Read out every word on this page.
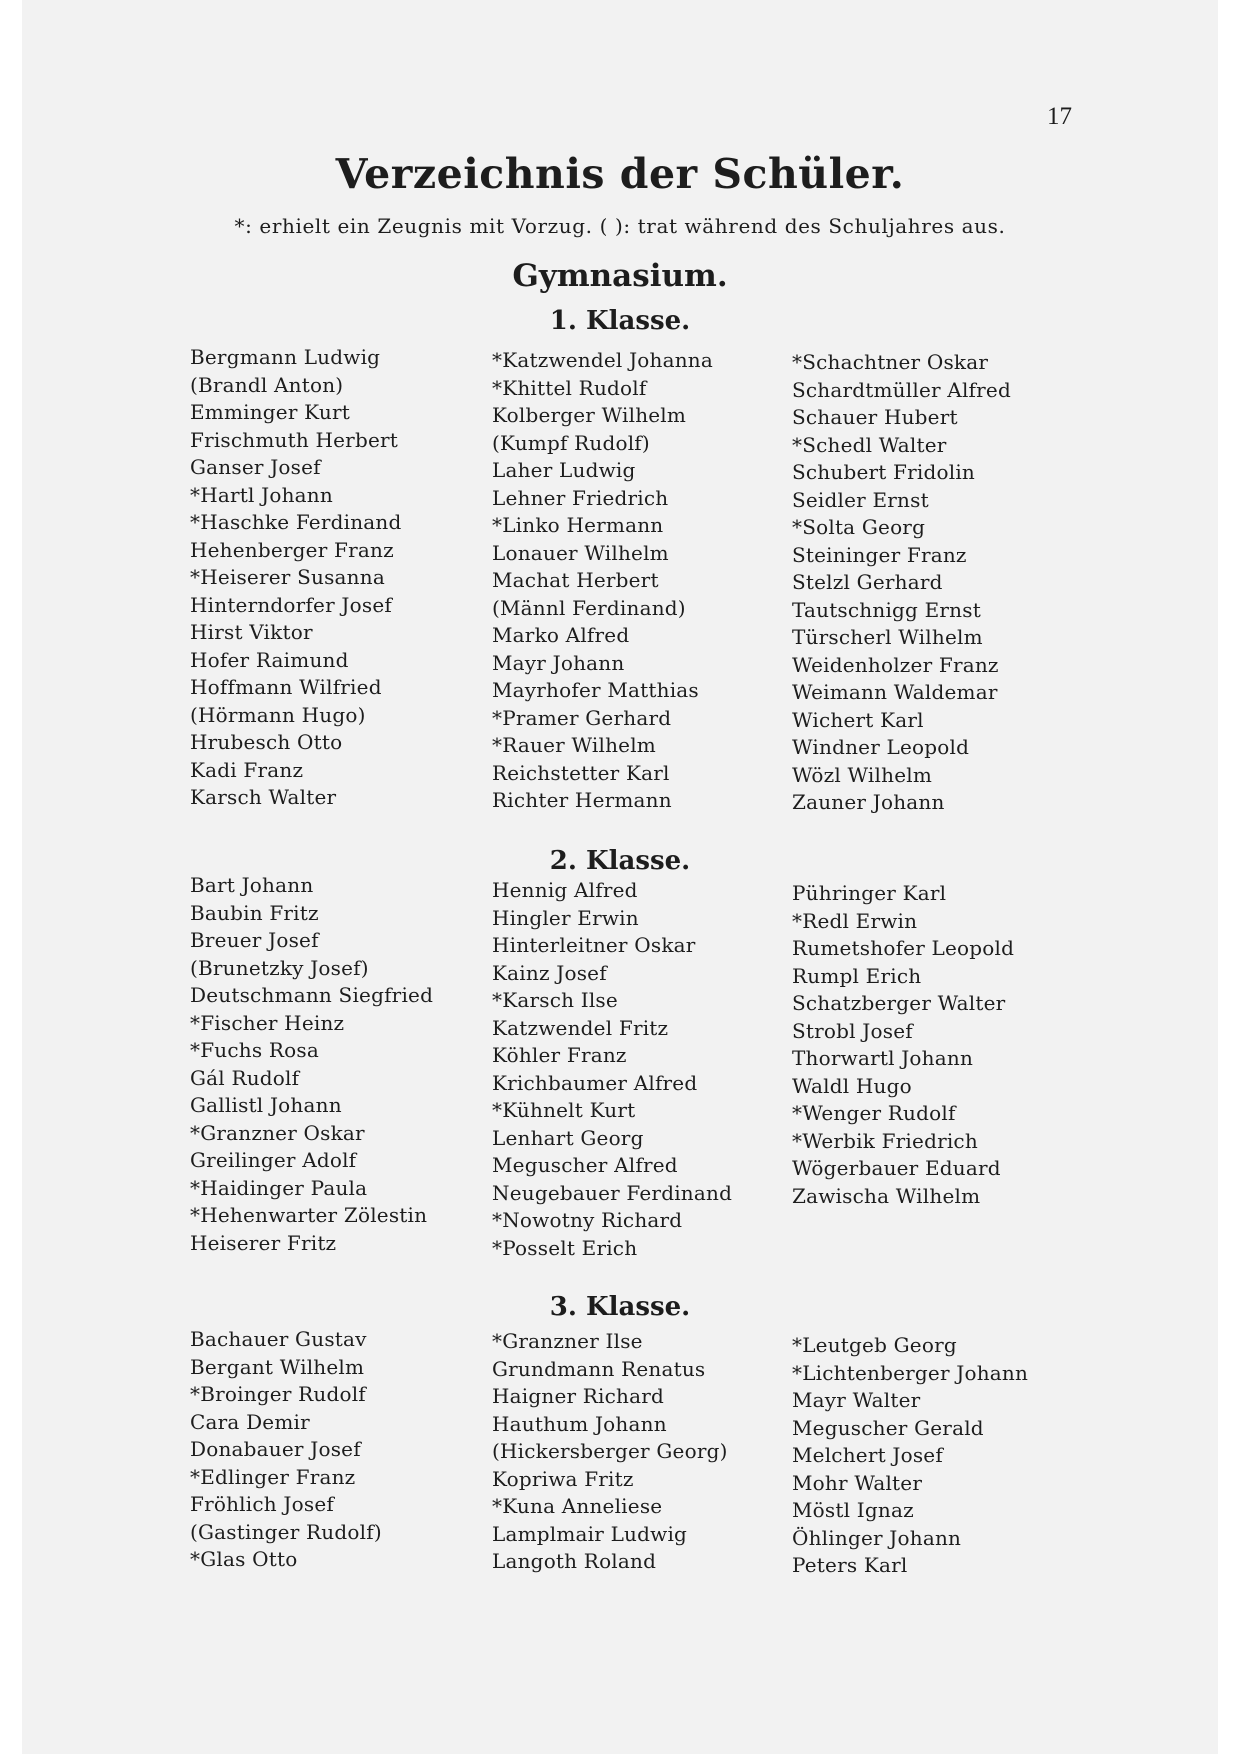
17
Verzeichnis der Schüler.
*: erhielt ein Zeugnis mit Vorzug. ( ): trat während des Schuljahres aus.
Gymnasium.
1. Klasse.
Bergmann Ludwig
(Brandl Anton)
Emminger Kurt
Frischmuth Herbert
Ganser Josef
*Hartl Johann
*Haschke Ferdinand
Hehenberger Franz
*Heiserer Susanna
Hinterndorfer Josef
Hirst Viktor
Hofer Raimund
Hoffmann Wilfried
(Hörmann Hugo)
Hrubesch Otto
Kadi Franz
Karsch Walter
*Katzwendel Johanna
*Khittel Rudolf
Kolberger Wilhelm
(Kumpf Rudolf)
Laher Ludwig
Lehner Friedrich
*Linko Hermann
Lonauer Wilhelm
Machat Herbert
(Männl Ferdinand)
Marko Alfred
Mayr Johann
Mayrhofer Matthias
*Pramer Gerhard
*Rauer Wilhelm
Reichstetter Karl
Richter Hermann
*Schachtner Oskar
Schardtmüller Alfred
Schauer Hubert
*Schedl Walter
Schubert Fridolin
Seidler Ernst
*Solta Georg
Steininger Franz
Stelzl Gerhard
Tautschnigg Ernst
Türscherl Wilhelm
Weidenholzer Franz
Weimann Waldemar
Wichert Karl
Windner Leopold
Wözl Wilhelm
Zauner Johann
2. Klasse.
Bart Johann
Baubin Fritz
Breuer Josef
(Brunetzky Josef)
Deutschmann Siegfried
*Fischer Heinz
*Fuchs Rosa
Gál Rudolf
Gallistl Johann
*Granzner Oskar
Greilinger Adolf
*Haidinger Paula
*Hehenwarter Zölestin
Heiserer Fritz
Hennig Alfred
Hingler Erwin
Hinterleitner Oskar
Kainz Josef
*Karsch Ilse
Katzwendel Fritz
Köhler Franz
Krichbaumer Alfred
*Kühnelt Kurt
Lenhart Georg
Meguscher Alfred
Neugebauer Ferdinand
*Nowotny Richard
*Posselt Erich
Pühringer Karl
*Redl Erwin
Rumetshofer Leopold
Rumpl Erich
Schatzberger Walter
Strobl Josef
Thorwartl Johann
Waldl Hugo
*Wenger Rudolf
*Werbik Friedrich
Wögerbauer Eduard
Zawischa Wilhelm
3. Klasse.
Bachauer Gustav
Bergant Wilhelm
*Broinger Rudolf
Cara Demir
Donabauer Josef
*Edlinger Franz
Fröhlich Josef
(Gastinger Rudolf)
*Glas Otto
*Granzner Ilse
Grundmann Renatus
Haigner Richard
Hauthum Johann
(Hickersberger Georg)
Kopriwa Fritz
*Kuna Anneliese
Lamplmair Ludwig
Langoth Roland
*Leutgeb Georg
*Lichtenberger Johann
Mayr Walter
Meguscher Gerald
Melchert Josef
Mohr Walter
Möstl Ignaz
Öhlinger Johann
Peters Karl
